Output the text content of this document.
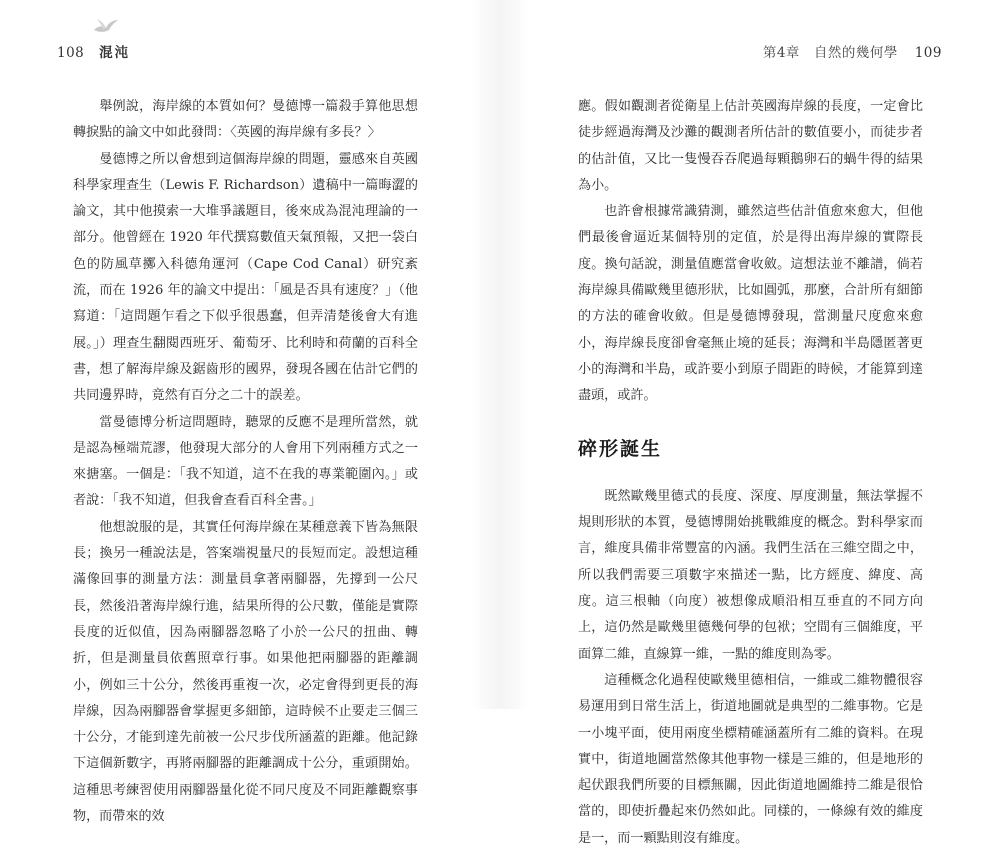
108 混沌

舉例說，海岸線的本質如何？曼德博一篇殺手算他思想轉捩點的論文中如此發問：〈英國的海岸線有多長？〉

曼德博之所以會想到這個海岸線的問題，靈感來自英國科學家理查生（Lewis F. Richardson）遺稿中一篇晦澀的論文，其中他摸索一大堆爭議題目，後來成為混沌理論的一部分。他曾經在 1920 年代撰寫數值天氣預報，又把一袋白色的防風草擲入科德角運河（Cape Cod Canal）研究紊流，而在 1926 年的論文中提出：「風是否具有速度？」（他寫道：「這問題乍看之下似乎很愚蠢，但弄清楚後會大有進展。」）理查生翻閱西班牙、葡萄牙、比利時和荷蘭的百科全書，想了解海岸線及鋸齒形的國界，發現各國在估計它們的共同邊界時，竟然有百分之二十的誤差。

當曼德博分析這問題時，聽眾的反應不是理所當然，就是認為極端荒謬，他發現大部分的人會用下列兩種方式之一來搪塞。一個是：「我不知道，這不在我的專業範圍內。」或者說：「我不知道，但我會查看百科全書。」

他想說服的是，其實任何海岸線在某種意義下皆為無限長；換另一種說法是，答案端視量尺的長短而定。設想這種滿像回事的測量方法：測量員拿著兩腳器，先撐到一公尺長，然後沿著海岸線行進，結果所得的公尺數，僅能是實際長度的近似值，因為兩腳器忽略了小於一公尺的扭曲、轉折，但是測量員依舊照章行事。如果他把兩腳器的距離調小，例如三十公分，然後再重複一次，必定會得到更長的海岸線，因為兩腳器會掌握更多細節，這時候不止要走三個三十公分，才能到達先前被一公尺步伐所涵蓋的距離。他記錄下這個新數字，再將兩腳器的距離調成十公分，重頭開始。這種思考練習使用兩腳器量化從不同尺度及不同距離觀察事物，而帶來的效

第4章　自然的幾何學 109

應。假如觀測者從衛星上估計英國海岸線的長度，一定會比徒步經過海灣及沙灘的觀測者所估計的數值要小，而徒步者的估計值，又比一隻慢吞吞爬過每顆鵝卵石的蝸牛得的結果為小。

也許會根據常識猜測，雖然這些估計值愈來愈大，但他們最後會逼近某個特別的定值，於是得出海岸線的實際長度。換句話說，測量值應當會收斂。這想法並不離譜，倘若海岸線具備歐幾里德形狀，比如圓弧，那麼，合計所有細節的方法的確會收斂。但是曼德博發現，當測量尺度愈來愈小，海岸線長度卻會毫無止境的延長；海灣和半島隱匿著更小的海灣和半島，或許要小到原子間距的時候，才能算到達盡頭，或許。

碎形誕生

既然歐幾里德式的長度、深度、厚度測量，無法掌握不規則形狀的本質，曼德博開始挑戰維度的概念。對科學家而言，維度具備非常豐富的內涵。我們生活在三維空間之中，所以我們需要三項數字來描述一點，比方經度、緯度、高度。這三根軸（向度）被想像成順沿相互垂直的不同方向上，這仍然是歐幾里德幾何學的包袱；空間有三個維度，平面算二維，直線算一維，一點的維度則為零。

這種概念化過程使歐幾里德相信，一維或二維物體很容易運用到日常生活上，街道地圖就是典型的二維事物。它是一小塊平面，使用兩度坐標精確涵蓋所有二維的資料。在現實中，街道地圖當然像其他事物一樣是三維的，但是地形的起伏跟我們所要的目標無關，因此街道地圖維持二維是很恰當的，即使折疊起來仍然如此。同樣的，一條線有效的維度是一，而一顆點則沒有維度。
